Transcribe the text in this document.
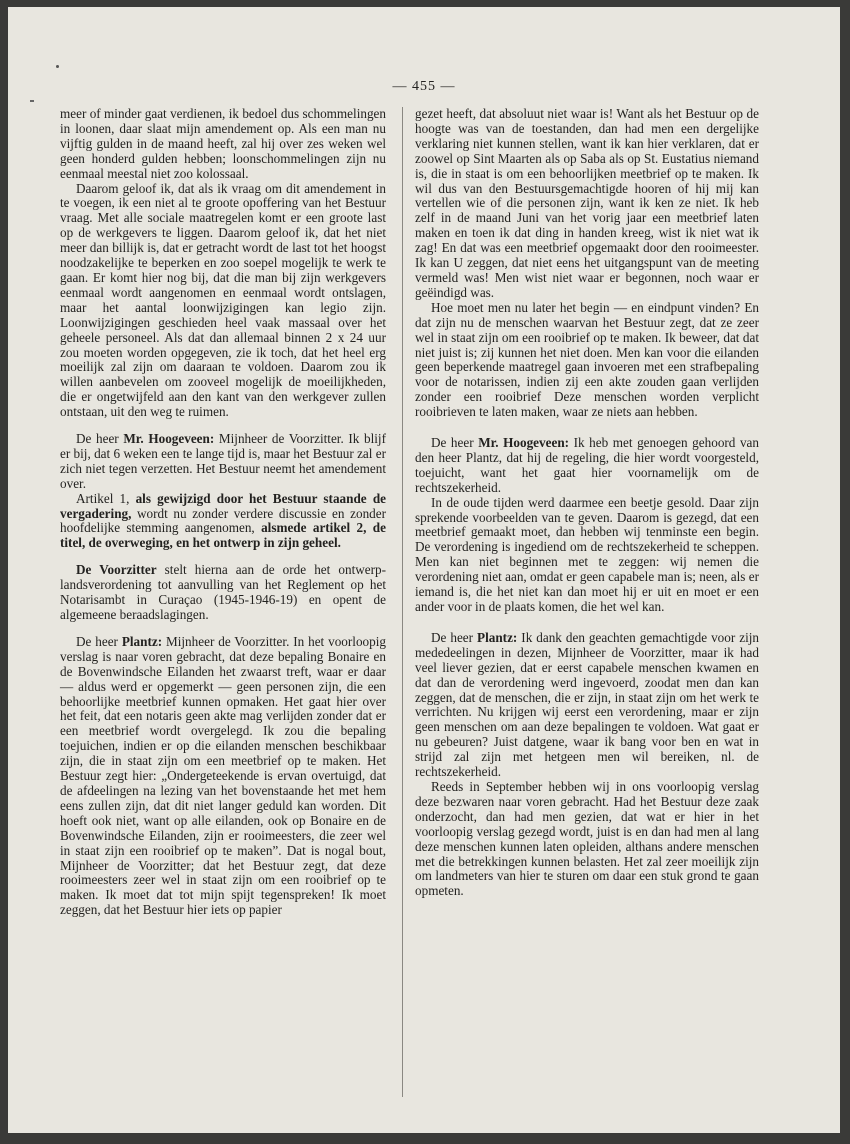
— 455 —

meer of minder gaat verdienen, ik bedoel dus schommelingen in loonen, daar slaat mijn amendement op. Als een man nu vijftig gulden in de maand heeft, zal hij over zes weken wel geen honderd gulden hebben; loonschommelingen zijn nu eenmaal meestal niet zoo kolossaal.

Daarom geloof ik, dat als ik vraag om dit amendement in te voegen, ik een niet al te groote opoffering van het Bestuur vraag. Met alle sociale maatregelen komt er een groote last op de werkgevers te liggen. Daarom geloof ik, dat het niet meer dan billijk is, dat er getracht wordt de last tot het hoogst noodzakelijke te beperken en zoo soepel mogelijk te werk te gaan. Er komt hier nog bij, dat die man bij zijn werkgevers eenmaal wordt aangenomen en eenmaal wordt ontslagen, maar het aantal loonwijzigingen kan legio zijn. Loonwijzigingen geschieden heel vaak massaal over het geheele personeel. Als dat dan allemaal binnen 2 x 24 uur zou moeten worden opgegeven, zie ik toch, dat het heel erg moeilijk zal zijn om daaraan te voldoen. Daarom zou ik willen aanbevelen om zooveel mogelijk de moeilijkheden, die er ongetwijfeld aan den kant van den werkgever zullen ontstaan, uit den weg te ruimen.

De heer Mr. Hoogeveen: Mijnheer de Voorzitter. Ik blijf er bij, dat 6 weken een te lange tijd is, maar het Bestuur zal er zich niet tegen verzetten. Het Bestuur neemt het amendement over.

Artikel 1, als gewijzigd door het Bestuur staande de vergadering, wordt nu zonder verdere discussie en zonder hoofdelijke stemming aangenomen, alsmede artikel 2, de titel, de overweging, en het ontwerp in zijn geheel.

De Voorzitter stelt hierna aan de orde het ontwerp-landsverordening tot aanvulling van het Reglement op het Notarisambt in Curaçao (1945-1946-19) en opent de algemeene beraadslagingen.

De heer Plantz: Mijnheer de Voorzitter. In het voorloopig verslag is naar voren gebracht, dat deze bepaling Bonaire en de Bovenwindsche Eilanden het zwaarst treft, waar er daar — aldus werd er opgemerkt — geen personen zijn, die een behoorlijke meetbrief kunnen opmaken. Het gaat hier over het feit, dat een notaris geen akte mag verlijden zonder dat er een meetbrief wordt overgelegd. Ik zou die bepaling toejuichen, indien er op die eilanden menschen beschikbaar zijn, die in staat zijn om een meetbrief op te maken. Het Bestuur zegt hier: „Ondergeteekende is ervan overtuigd, dat de afdeelingen na lezing van het bovenstaande het met hem eens zullen zijn, dat dit niet langer geduld kan worden. Dit hoeft ook niet, want op alle eilanden, ook op Bonaire en de Bovenwindsche Eilanden, zijn er rooimeesters, die zeer wel in staat zijn een rooibrief op te maken”. Dat is nogal bout, Mijnheer de Voorzitter; dat het Bestuur zegt, dat deze rooimeesters zeer wel in staat zijn om een rooibrief op te maken. Ik moet dat tot mijn spijt tegenspreken! Ik moet zeggen, dat het Bestuur hier iets op papier

gezet heeft, dat absoluut niet waar is! Want als het Bestuur op de hoogte was van de toestanden, dan had men een dergelijke verklaring niet kunnen stellen, want ik kan hier verklaren, dat er zoowel op Sint Maarten als op Saba als op St. Eustatius niemand is, die in staat is om een behoorlijken meetbrief op te maken. Ik wil dus van den Bestuursgemachtigde hooren of hij mij kan vertellen wie of die personen zijn, want ik ken ze niet. Ik heb zelf in de maand Juni van het vorig jaar een meetbrief laten maken en toen ik dat ding in handen kreeg, wist ik niet wat ik zag! En dat was een meetbrief opgemaakt door den rooimeester. Ik kan U zeggen, dat niet eens het uitgangspunt van de meeting vermeld was! Men wist niet waar er begonnen, noch waar er geëindigd was.

Hoe moet men nu later het begin — en eindpunt vinden? En dat zijn nu de menschen waarvan het Bestuur zegt, dat ze zeer wel in staat zijn om een rooibrief op te maken. Ik beweer, dat dat niet juist is; zij kunnen het niet doen. Men kan voor die eilanden geen beperkende maatregel gaan invoeren met een strafbepaling voor de notarissen, indien zij een akte zouden gaan verlijden zonder een rooibrief Deze menschen worden verplicht rooibrieven te laten maken, waar ze niets aan hebben.

De heer Mr. Hoogeveen: Ik heb met genoegen gehoord van den heer Plantz, dat hij de regeling, die hier wordt voorgesteld, toejuicht, want het gaat hier voornamelijk om de rechtszekerheid.

In de oude tijden werd daarmee een beetje gesold. Daar zijn sprekende voorbeelden van te geven. Daarom is gezegd, dat een meetbrief gemaakt moet, dan hebben wij tenminste een begin. De verordening is ingediend om de rechtszekerheid te scheppen. Men kan niet beginnen met te zeggen: wij nemen die verordening niet aan, omdat er geen capabele man is; neen, als er iemand is, die het niet kan dan moet hij er uit en moet er een ander voor in de plaats komen, die het wel kan.

De heer Plantz: Ik dank den geachten gemachtigde voor zijn mededeelingen in dezen, Mijnheer de Voorzitter, maar ik had veel liever gezien, dat er eerst capabele menschen kwamen en dat dan de verordening werd ingevoerd, zoodat men dan kan zeggen, dat de menschen, die er zijn, in staat zijn om het werk te verrichten. Nu krijgen wij eerst een verordening, maar er zijn geen menschen om aan deze bepalingen te voldoen. Wat gaat er nu gebeuren? Juist datgene, waar ik bang voor ben en wat in strijd zal zijn met hetgeen men wil bereiken, nl. de rechtszekerheid.

Reeds in September hebben wij in ons voorloopig verslag deze bezwaren naar voren gebracht. Had het Bestuur deze zaak onderzocht, dan had men gezien, dat wat er hier in het voorloopig verslag gezegd wordt, juist is en dan had men al lang deze menschen kunnen laten opleiden, althans andere menschen met die betrekkingen kunnen belasten. Het zal zeer moeilijk zijn om landmeters van hier te sturen om daar een stuk grond te gaan opmeten.
